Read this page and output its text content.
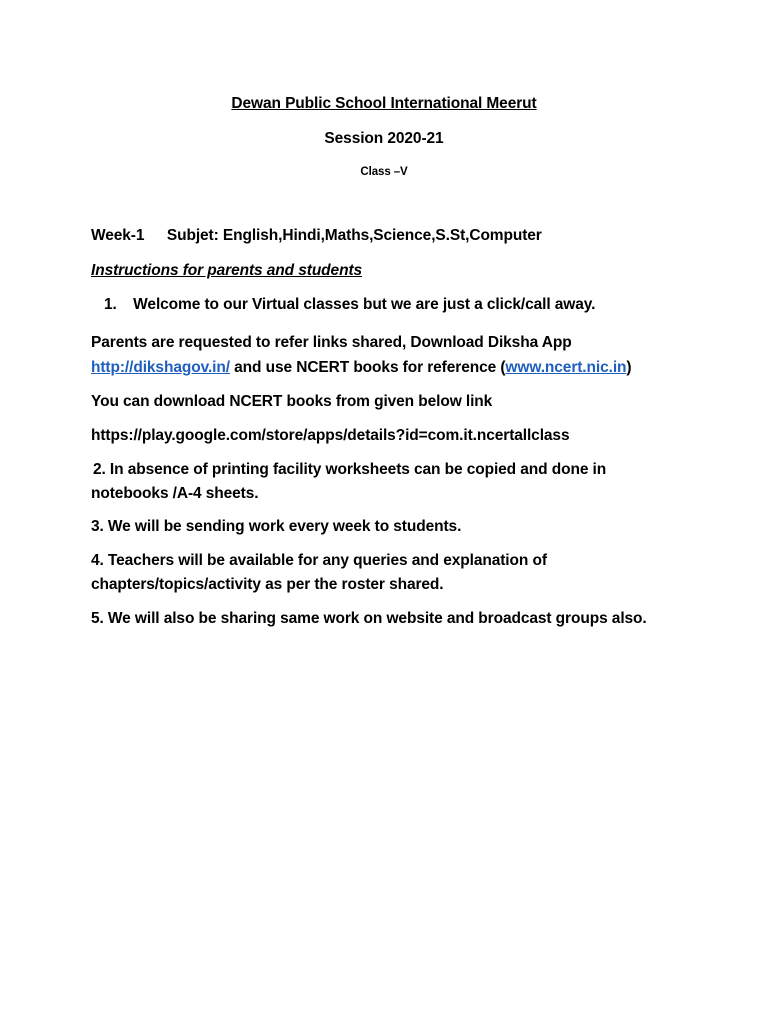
Dewan Public School International Meerut
Session 2020-21
Class –V
Week-1 Subjet: English,Hindi,Maths,Science,S.St,Computer
Instructions for parents and students
1. Welcome to our Virtual classes but we are just a click/call away.
Parents are requested to refer links shared, Download Diksha App
http://dikshagov.in/ and use NCERT books for reference (www.ncert.nic.in)
You can download NCERT books from given below link
https://play.google.com/store/apps/details?id=com.it.ncertallclass
2. In absence of printing facility worksheets can be copied and done in
notebooks /A-4 sheets.
3. We will be sending work every week to students.
4. Teachers will be available for any queries and explanation of
chapters/topics/activity as per the roster shared.
5. We will also be sharing same work on website and broadcast groups also.
